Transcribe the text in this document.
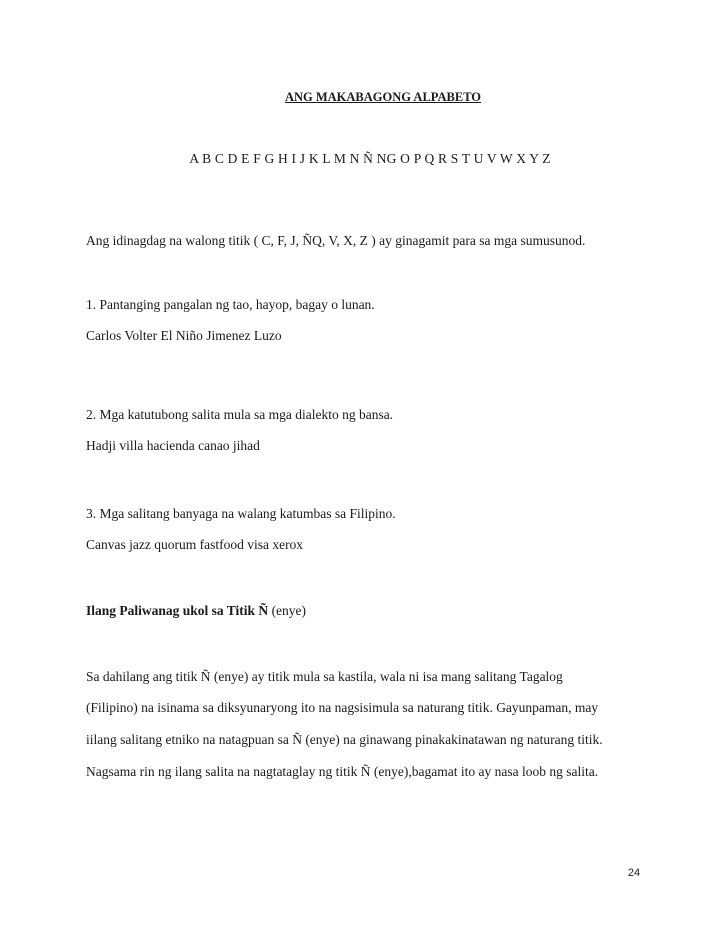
ANG MAKABAGONG ALPABETO
A B C D E F G H I J K L M N Ñ NG O P Q R S T U V W X Y Z
Ang idinagdag na walong titik ( C, F, J, ÑQ, V, X, Z ) ay ginagamit para sa mga sumusunod.
1. Pantanging pangalan ng tao, hayop, bagay o lunan.
Carlos Volter El Niño Jimenez Luzo
2. Mga katutubong salita mula sa mga dialekto ng bansa.
Hadji villa hacienda canao jihad
3. Mga salitang banyaga na walang katumbas sa Filipino.
Canvas jazz quorum fastfood visa xerox
Ilang Paliwanag ukol sa Titik Ñ (enye)
Sa dahilang ang titik Ñ (enye) ay titik mula sa kastila, wala ni isa mang salitang Tagalog
(Filipino) na isinama sa diksyunaryong ito na nagsisimula sa naturang titik. Gayunpaman, may
iilang salitang etniko na natagpuan sa Ñ (enye) na ginawang pinakakinatawan ng naturang titik.
Nagsama rin ng ilang salita na nagtataglay ng titik Ñ (enye),bagamat ito ay nasa loob ng salita.
24
